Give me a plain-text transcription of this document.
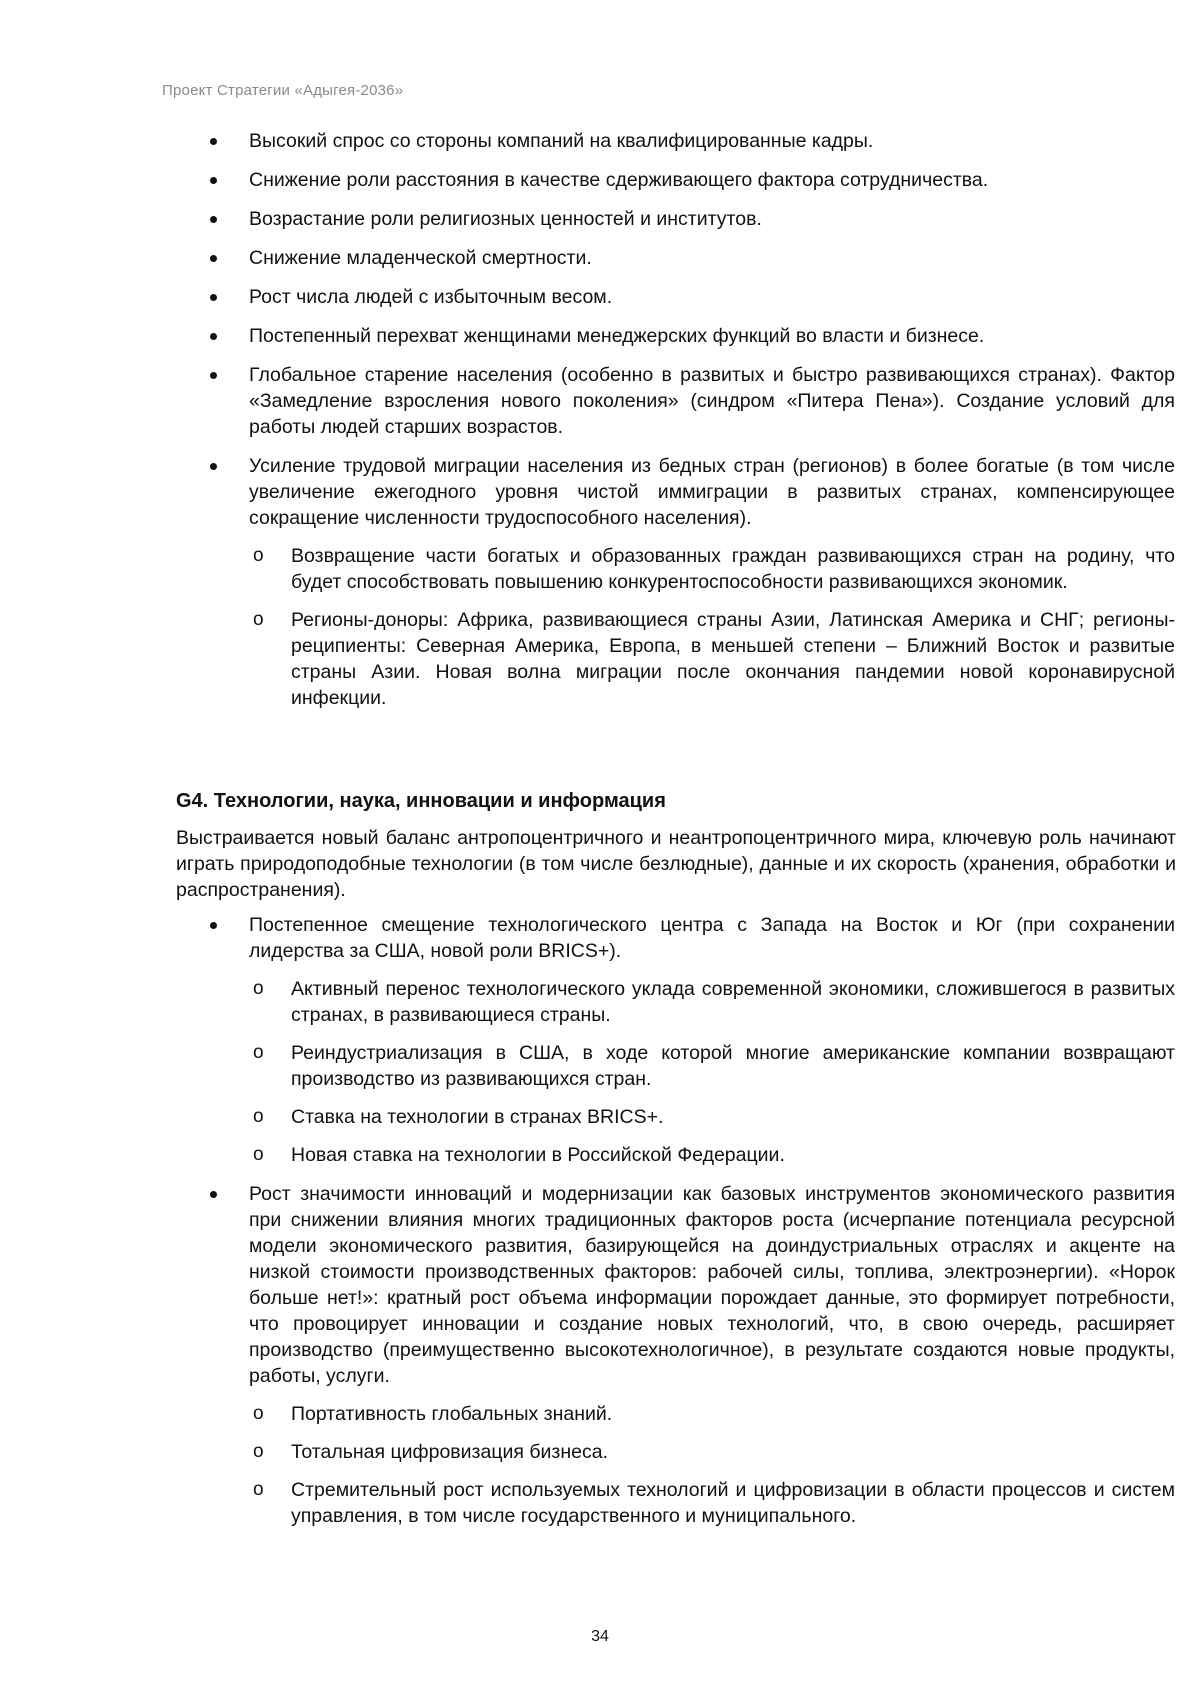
Проект Стратегии «Адыгея-2036»
Высокий спрос со стороны компаний на квалифицированные кадры.
Снижение роли расстояния в качестве сдерживающего фактора сотрудничества.
Возрастание роли религиозных ценностей и институтов.
Снижение младенческой смертности.
Рост числа людей с избыточным весом.
Постепенный перехват женщинами менеджерских функций во власти и бизнесе.
Глобальное старение населения (особенно в развитых и быстро развивающихся странах). Фактор «Замедление взросления нового поколения» (синдром «Питера Пена»). Создание условий для работы людей старших возрастов.
Усиление трудовой миграции населения из бедных стран (регионов) в более богатые (в том числе увеличение ежегодного уровня чистой иммиграции в развитых странах, компенсирующее сокращение численности трудоспособного населения).
o Возвращение части богатых и образованных граждан развивающихся стран на родину, что будет способствовать повышению конкурентоспособности развивающихся экономик.
o Регионы-доноры: Африка, развивающиеся страны Азии, Латинская Америка и СНГ; регионы-реципиенты: Северная Америка, Европа, в меньшей степени – Ближний Восток и развитые страны Азии. Новая волна миграции после окончания пандемии новой коронавирусной инфекции.
G4. Технологии, наука, инновации и информация
Выстраивается новый баланс антропоцентричного и неантропоцентричного мира, ключевую роль начинают играть природоподобные технологии (в том числе безлюдные), данные и их скорость (хранения, обработки и распространения).
Постепенное смещение технологического центра с Запада на Восток и Юг (при сохранении лидерства за США, новой роли BRICS+).
o Активный перенос технологического уклада современной экономики, сложившегося в развитых странах, в развивающиеся страны.
o Реиндустриализация в США, в ходе которой многие американские компании возвращают производство из развивающихся стран.
o Ставка на технологии в странах BRICS+.
o Новая ставка на технологии в Российской Федерации.
Рост значимости инноваций и модернизации как базовых инструментов экономического развития при снижении влияния многих традиционных факторов роста (исчерпание потенциала ресурсной модели экономического развития, базирующейся на доиндустриальных отраслях и акценте на низкой стоимости производственных факторов: рабочей силы, топлива, электроэнергии). «Норок больше нет!»: кратный рост объема информации порождает данные, это формирует потребности, что провоцирует инновации и создание новых технологий, что, в свою очередь, расширяет производство (преимущественно высокотехнологичное), в результате создаются новые продукты, работы, услуги.
o Портативность глобальных знаний.
o Тотальная цифровизация бизнеса.
o Стремительный рост используемых технологий и цифровизации в области процессов и систем управления, в том числе государственного и муниципального.
34
